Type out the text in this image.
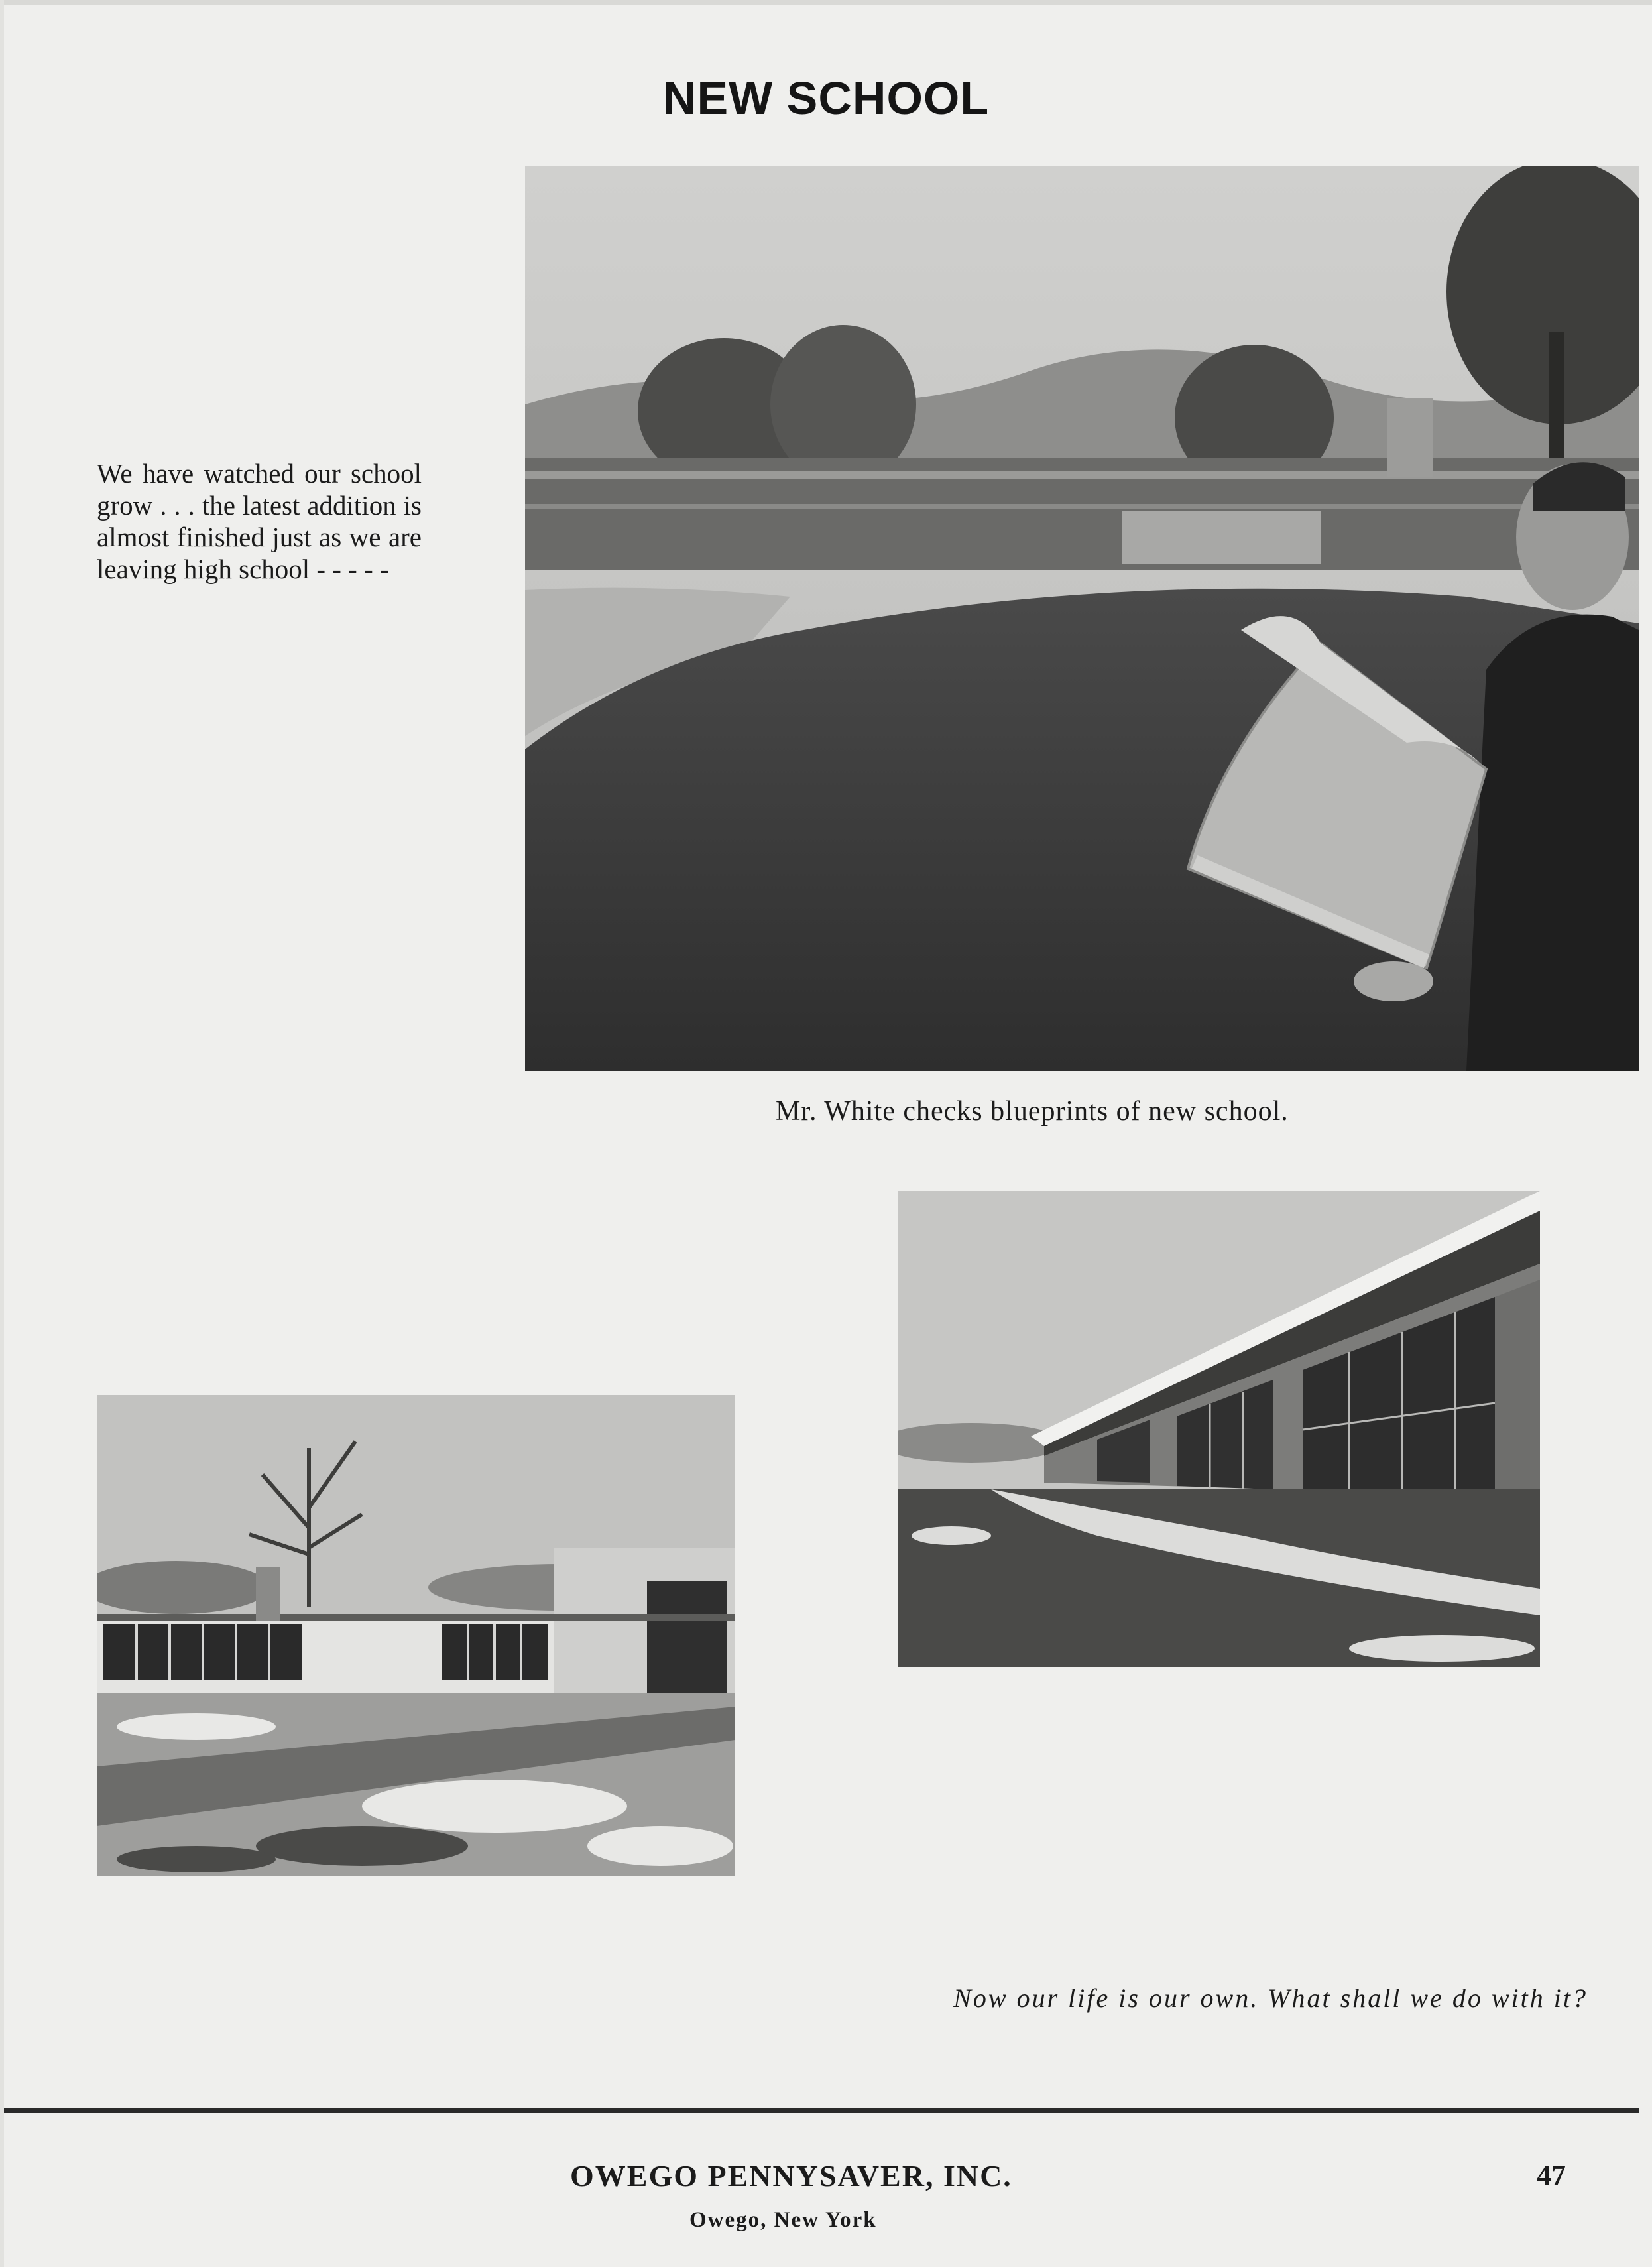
NEW SCHOOL
We have watched our school grow . . . the latest addition is almost finished just as we are leaving high school - - - - -
Mr. White checks blueprints of new school.
Now our life is our own. What shall we do with it?
OWEGO PENNYSAVER, INC.
Owego, New York
47
